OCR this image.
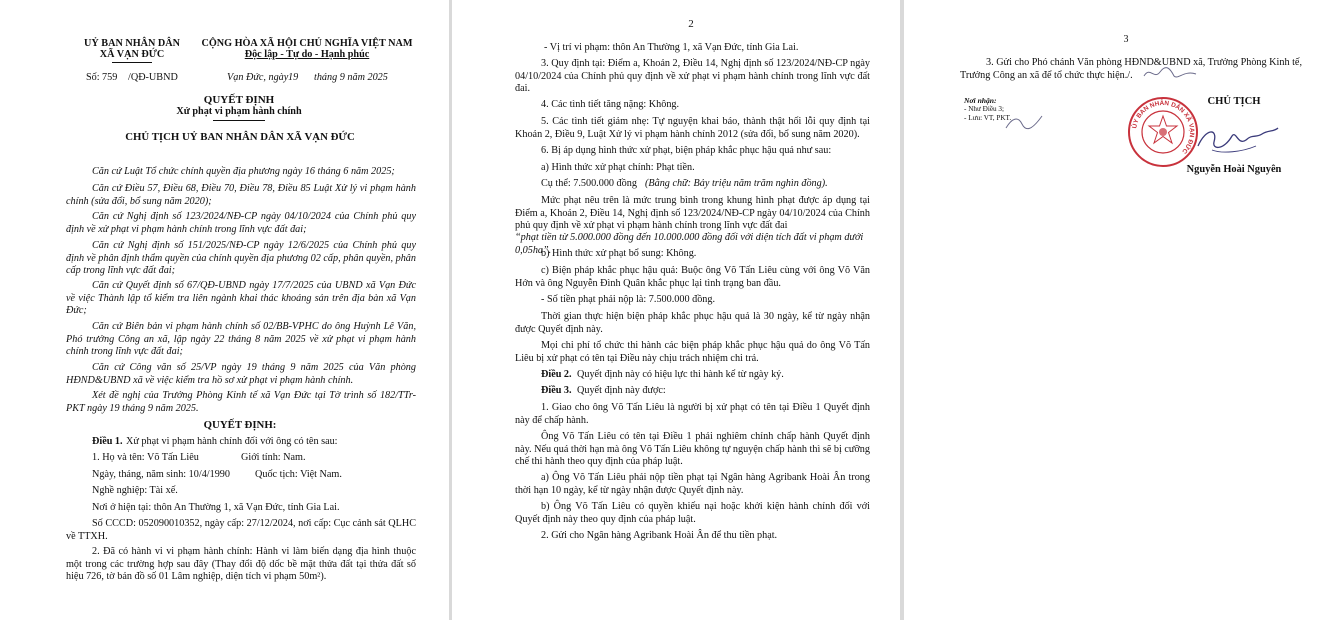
UỶ BAN NHÂN DÂN
XÃ VẠN ĐỨC
CỘNG HÒA XÃ HỘI CHỦ NGHĨA VIỆT NAM
Độc lập - Tự do - Hạnh phúc
Số: 759 /QĐ-UBND	Vạn Đức, ngày 19 tháng 9 năm 2025
QUYẾT ĐỊNH
Xử phạt vi phạm hành chính
CHỦ TỊCH UỶ BAN NHÂN DÂN XÃ VẠN ĐỨC
Căn cứ Luật Tổ chức chính quyền địa phương ngày 16 tháng 6 năm 2025;
Căn cứ Điều 57, Điều 68, Điều 70, Điều 78, Điều 85 Luật Xử lý vi phạm hành chính (sửa đổi, bổ sung năm 2020);
Căn cứ Nghị định số 123/2024/NĐ-CP ngày 04/10/2024 của Chính phủ quy định về xử phạt vi phạm hành chính trong lĩnh vực đất đai;
Căn cứ Nghị định số 151/2025/NĐ-CP ngày 12/6/2025 của Chính phủ quy định về phân định thẩm quyền của chính quyền địa phương 02 cấp, phân quyền, phân cấp trong lĩnh vực đất đai;
Căn cứ Quyết định số 67/QĐ-UBND ngày 17/7/2025 của UBND xã Vạn Đức về việc Thành lập tổ kiểm tra liên ngành khai thác khoáng sản trên địa bàn xã Vạn Đức;
Căn cứ Biên bản vi phạm hành chính số 02/BB-VPHC do ông Huỳnh Lê Văn, Phó trưởng Công an xã, lập ngày 22 tháng 8 năm 2025 về xử phạt vi phạm hành chính trong lĩnh vực đất đai;
Căn cứ Công văn số 25/VP ngày 19 tháng 9 năm 2025 của Văn phòng HĐND&UBND xã về việc kiểm tra hồ sơ xử phạt vi phạm hành chính.
Xét đề nghị của Trưởng Phòng Kinh tế xã Vạn Đức tại Tờ trình số 182/TTr-PKT ngày 19 tháng 9 năm 2025.
QUYẾT ĐỊNH:
Điều 1. Xử phạt vi phạm hành chính đối với ông có tên sau:
1. Họ và tên: Võ Tấn Liêu	Giới tính: Nam.
Ngày, tháng, năm sinh: 10/4/1990 Quốc tịch: Việt Nam.
Nghề nghiệp: Tài xế.
Nơi ở hiện tại: thôn An Thường 1, xã Vạn Đức, tỉnh Gia Lai.
Số CCCD: 052090010352, ngày cấp: 27/12/2024, nơi cấp: Cục cảnh sát QLHC về TTXH.
2. Đã có hành vi vi phạm hành chính: Hành vi làm biến dạng địa hình thuộc một trong các trường hợp sau đây (Thay đổi độ dốc bề mặt thửa đất tại thửa đất số hiệu 726, tờ bản đồ số 01 Lâm nghiệp, diện tích vi phạm 50m²).
2
- Vị trí vi phạm: thôn An Thường 1, xã Vạn Đức, tỉnh Gia Lai.
3. Quy định tại: Điểm a, Khoản 2, Điều 14, Nghị định số 123/2024/NĐ-CP ngày 04/10/2024 của Chính phủ quy định về xử phạt vi phạm hành chính trong lĩnh vực đất đai.
4. Các tình tiết tăng nặng: Không.
5. Các tình tiết giảm nhẹ: Tự nguyện khai báo, thành thật hối lỗi quy định tại Khoản 2, Điều 9, Luật Xử lý vi phạm hành chính 2012 (sửa đổi, bổ sung năm 2020).
6. Bị áp dụng hình thức xử phạt, biện pháp khắc phục hậu quả như sau:
a) Hình thức xử phạt chính: Phạt tiền.
Cụ thể: 7.500.000 đồng (Bằng chữ: Bảy triệu năm trăm nghìn đồng).
Mức phạt nêu trên là mức trung bình trong khung hình phạt được áp dụng tại Điểm a, Khoản 2, Điều 14, Nghị định số 123/2024/NĐ-CP ngày 04/10/2024 của Chính phủ quy định về xử phạt vi phạm hành chính trong lĩnh vực đất đai
“phạt tiền từ 5.000.000 đồng đến 10.000.000 đồng đối với diện tích đất vi phạm dưới 0,05ha”.
b) Hình thức xử phạt bổ sung: Không.
c) Biện pháp khắc phục hậu quả: Buộc ông Võ Tấn Liêu cùng với ông Võ Văn Hớn và ông Nguyễn Đình Quân khắc phục lại tình trạng ban đầu.
- Số tiền phạt phải nộp là: 7.500.000 đồng.
Thời gian thực hiện biện pháp khắc phục hậu quả là 30 ngày, kể từ ngày nhận được Quyết định này.
Mọi chi phí tổ chức thi hành các biện pháp khắc phục hậu quả do ông Võ Tấn Liêu bị xử phạt có tên tại Điều này chịu trách nhiệm chi trả.
Điều 2. Quyết định này có hiệu lực thi hành kể từ ngày ký.
Điều 3. Quyết định này được:
1. Giao cho ông Võ Tấn Liêu là người bị xử phạt có tên tại Điều 1 Quyết định này để chấp hành.
Ông Võ Tấn Liêu có tên tại Điều 1 phải nghiêm chỉnh chấp hành Quyết định này. Nếu quá thời hạn mà ông Võ Tấn Liêu không tự nguyện chấp hành thì sẽ bị cưỡng chế thi hành theo quy định của pháp luật.
a) Ông Võ Tấn Liêu phải nộp tiền phạt tại Ngân hàng Agribank Hoài Ân trong thời hạn 10 ngày, kể từ ngày nhận được Quyết định này.
b) Ông Võ Tấn Liêu có quyền khiếu nại hoặc khởi kiện hành chính đối với Quyết định này theo quy định của pháp luật.
2. Gửi cho Ngân hàng Agribank Hoài Ân để thu tiền phạt.
3
3. Gửi cho Phó chánh Văn phòng HĐND&UBND xã, Trưởng Phòng Kinh tế, Trưởng Công an xã để tổ chức thực hiện./.
Nơi nhận:
- Như Điều 3;
- Lưu: VT, PKT.
CHỦ TỊCH
ỦY BAN NHÂN DÂN XÃ VẠN ĐỨC
Nguyễn Hoài Nguyên
